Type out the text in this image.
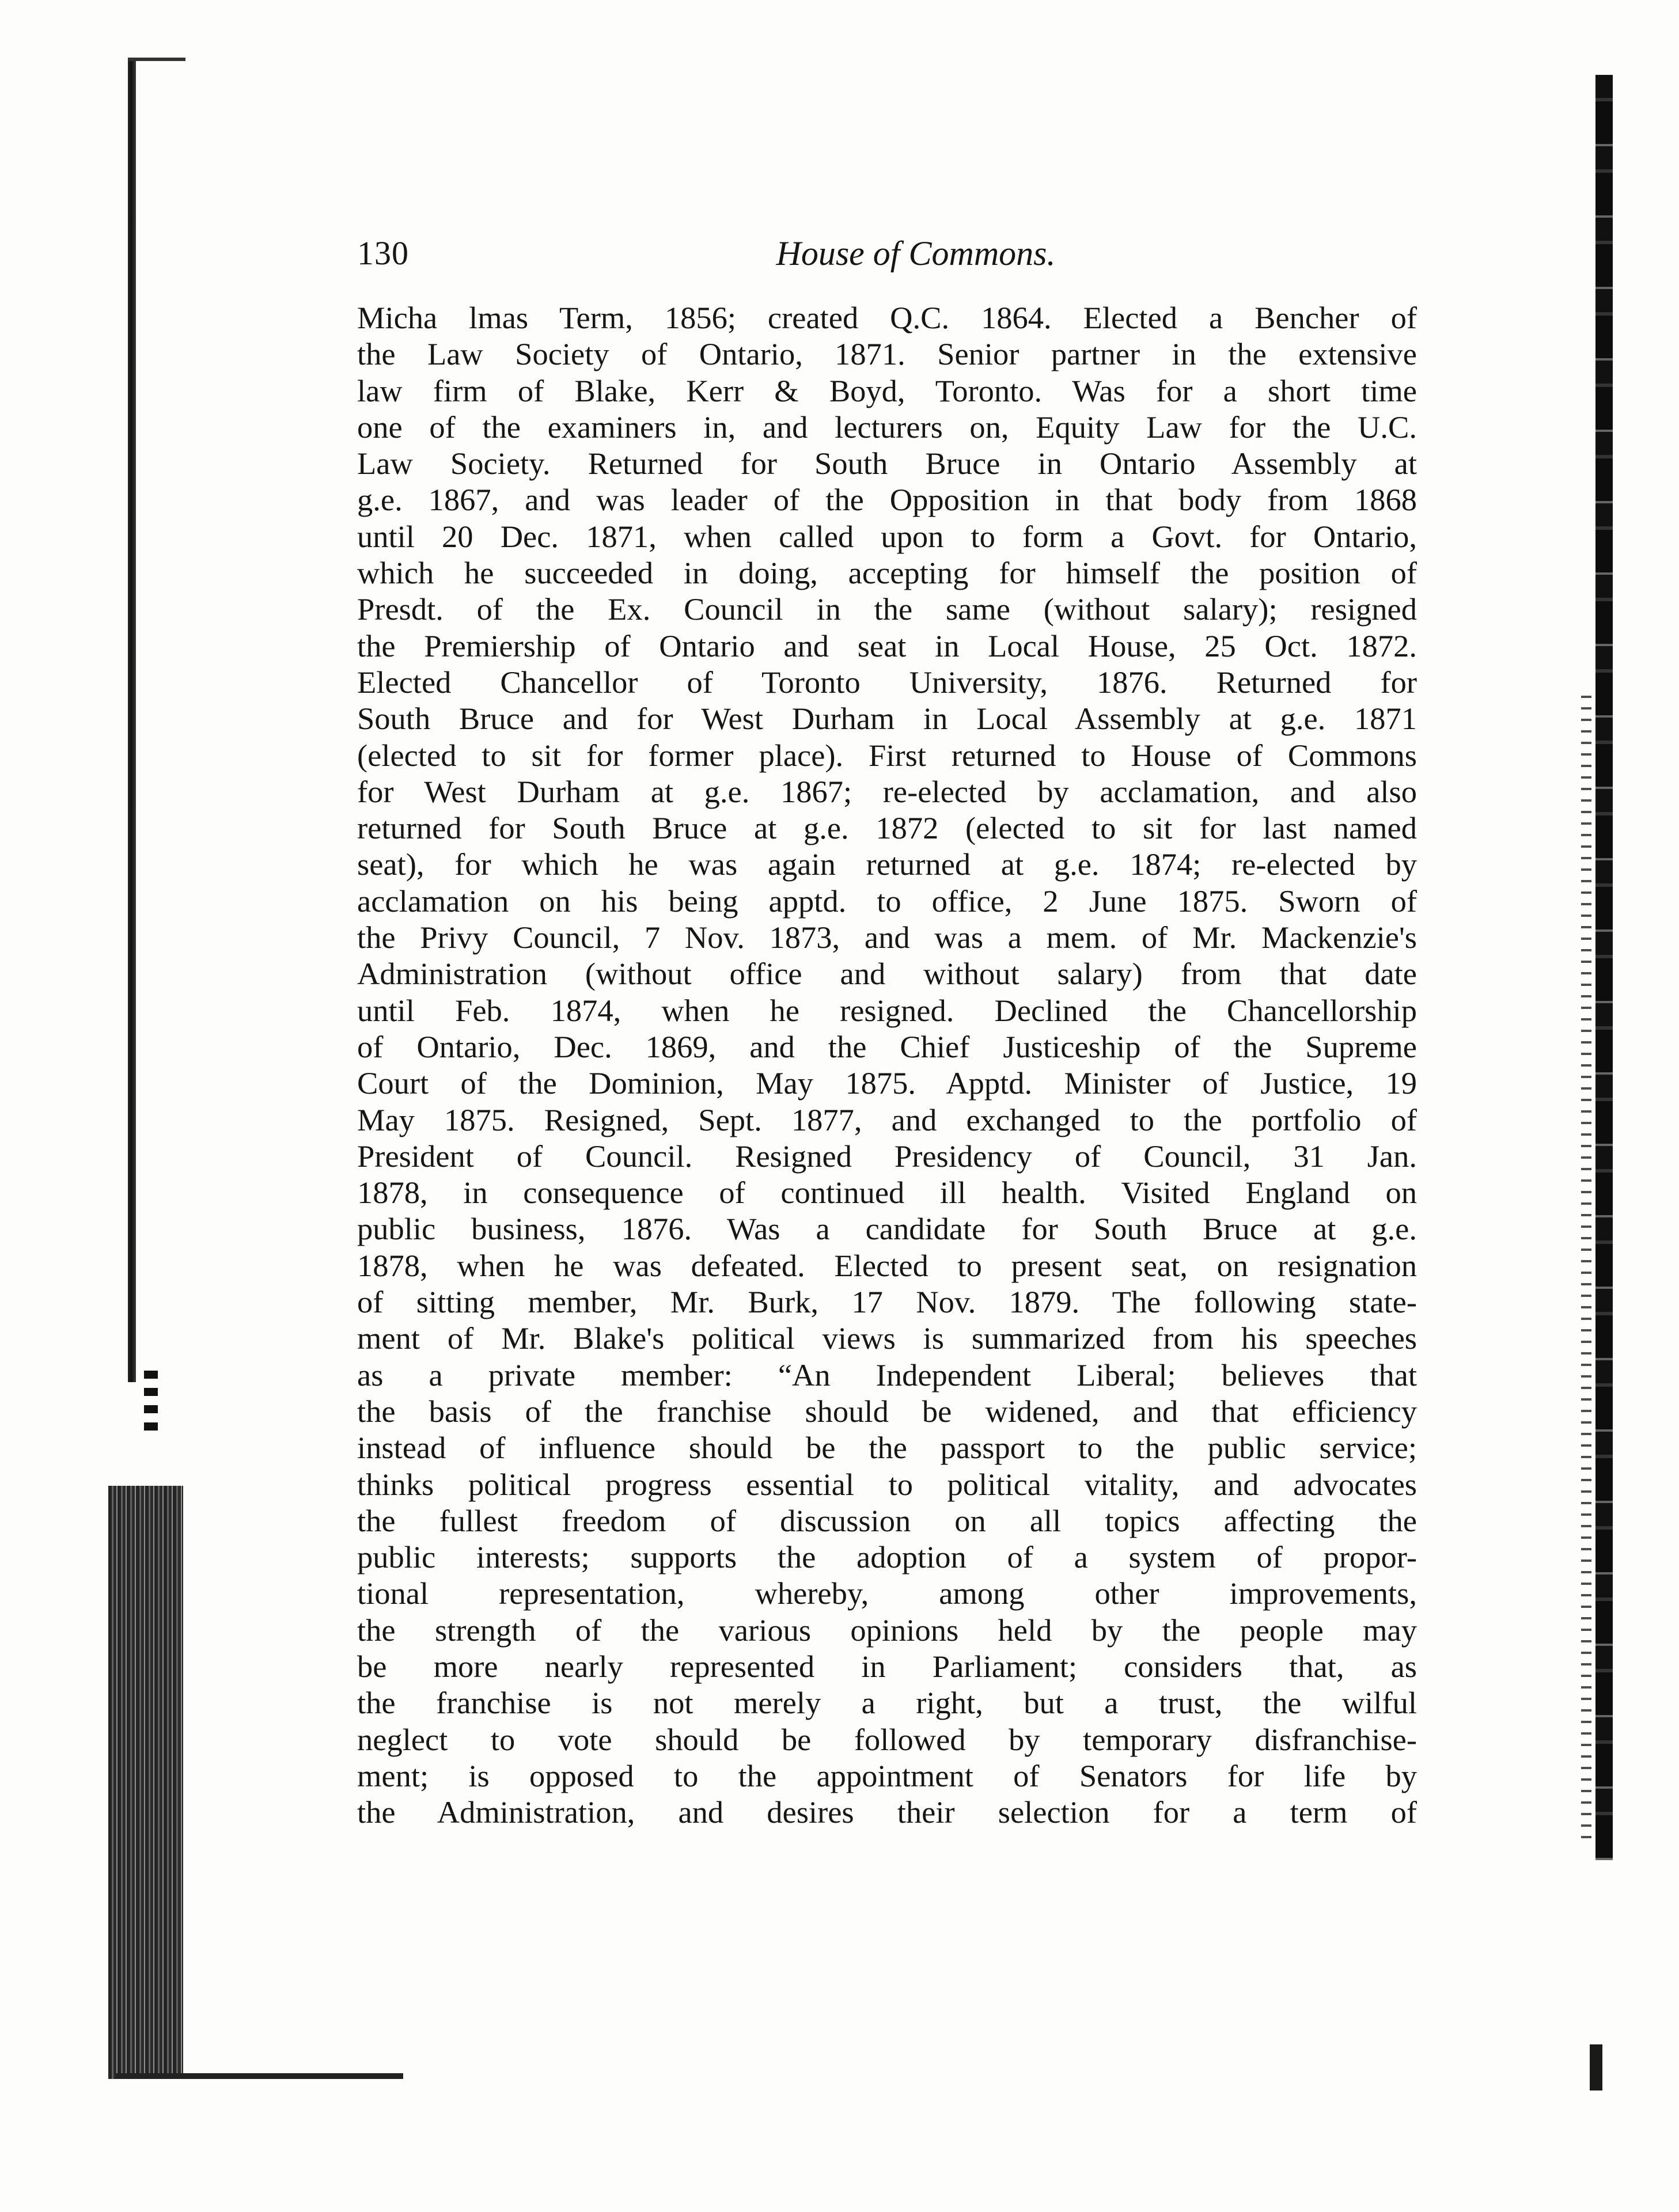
130	House of Commons.
Micha lmas Term, 1856; created Q.C. 1864. Elected a Bencher of
the Law Society of Ontario, 1871. Senior partner in the extensive
law firm of Blake, Kerr & Boyd, Toronto. Was for a short time
one of the examiners in, and lecturers on, Equity Law for the U.C.
Law Society. Returned for South Bruce in Ontario Assembly at
g.e. 1867, and was leader of the Opposition in that body from 1868
until 20 Dec. 1871, when called upon to form a Govt. for Ontario,
which he succeeded in doing, accepting for himself the position of
Presdt. of the Ex. Council in the same (without salary); resigned
the Premiership of Ontario and seat in Local House, 25 Oct. 1872.
Elected Chancellor of Toronto University, 1876. Returned for
South Bruce and for West Durham in Local Assembly at g.e. 1871
(elected to sit for former place). First returned to House of Commons
for West Durham at g.e. 1867; re-elected by acclamation, and also
returned for South Bruce at g.e. 1872 (elected to sit for last named
seat), for which he was again returned at g.e. 1874; re-elected by
acclamation on his being apptd. to office, 2 June 1875. Sworn of
the Privy Council, 7 Nov. 1873, and was a mem. of Mr. Mackenzie's
Administration (without office and without salary) from that date
until Feb. 1874, when he resigned. Declined the Chancellorship
of Ontario, Dec. 1869, and the Chief Justiceship of the Supreme
Court of the Dominion, May 1875. Apptd. Minister of Justice, 19
May 1875. Resigned, Sept. 1877, and exchanged to the portfolio of
President of Council. Resigned Presidency of Council, 31 Jan.
1878, in consequence of continued ill health. Visited England on
public business, 1876. Was a candidate for South Bruce at g.e.
1878, when he was defeated. Elected to present seat, on resignation
of sitting member, Mr. Burk, 17 Nov. 1879. The following state-
ment of Mr. Blake's political views is summarized from his speeches
as a private member: “An Independent Liberal; believes that
the basis of the franchise should be widened, and that efficiency
instead of influence should be the passport to the public service;
thinks political progress essential to political vitality, and advocates
the fullest freedom of discussion on all topics affecting the
public interests; supports the adoption of a system of propor-
tional representation, whereby, among other improvements,
the strength of the various opinions held by the people may
be more nearly represented in Parliament; considers that, as
the franchise is not merely a right, but a trust, the wilful
neglect to vote should be followed by temporary disfranchise-
ment; is opposed to the appointment of Senators for life by
the Administration, and desires their selection for a term of
